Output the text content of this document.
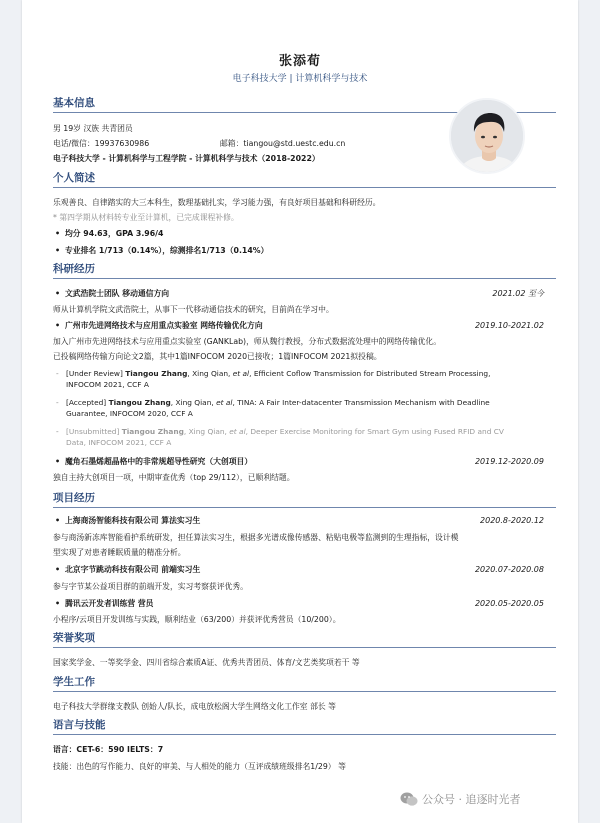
张添荀
电子科技大学 | 计算机科学与技术
基本信息
男 19岁 汉族 共青团员
电话/微信：19937630986	邮箱：tiangou@std.uestc.edu.cn
电子科技大学 - 计算机科学与工程学院 - 计算机科学与技术（2018-2022）
个人简述
乐观善良、自律踏实的大三本科生，数理基础扎实，学习能力强，有良好项目基础和科研经历。
* 第四学期从材料转专业至计算机，已完成课程补修。
• 均分 94.63，GPA 3.96/4
• 专业排名 1/713（0.14%），综测排名1/713（0.14%）
科研经历
• 文武浩院士团队 移动通信方向	2021.02 至今
师从计算机学院文武浩院士，从事下一代移动通信技术的研究，目前尚在学习中。
• 广州市先进网络技术与应用重点实验室 网络传输优化方向	2019.10-2021.02
加入广州市先进网络技术与应用重点实验室 (GANKLab)，师从魏行教授，分布式数据流处理中的网络传输优化。
已投稿网络传输方向论文2篇，其中1篇INFOCOM 2020已接收；1篇INFOCOM 2021拟投稿。
- [Under Review] Tiangou Zhang, Xing Qian, et al, Efficient Coflow Transmission for Distributed Stream Processing,
INFOCOM 2021, CCF A
- [Accepted] Tiangou Zhang, Xing Qian, et al, TINA: A Fair Inter-datacenter Transmission Mechanism with Deadline
Guarantee, INFOCOM 2020, CCF A
- [Unsubmitted] Tiangou Zhang, Xing Qian, et al, Deeper Exercise Monitoring for Smart Gym using Fused RFID and CV
Data, INFOCOM 2021, CCF A
• 魔角石墨烯超晶格中的非常规超导性研究（大创项目）	2019.12-2020.09
独自主持大创项目一项，中期审查优秀（top 29/112），已顺利结题。
项目经历
• 上海商汤智能科技有限公司 算法实习生	2020.8-2020.12
参与商汤新冻库智能看护系统研发，担任算法实习生，根据多光谱成像传感器、粘贴电极等监测到的生理指标，设计模
型实现了对患者睡眠质量的精准分析。
• 北京字节跳动科技有限公司 前端实习生	2020.07-2020.08
参与字节某公益项目群的前端开发，实习考察获评优秀。
• 腾讯云开发者训练营 营员	2020.05-2020.05
小程序/云项目开发训练与实践，顺利结业（63/200）并获评优秀营员（10/200）。
荣誉奖项
国家奖学金、一等奖学金、四川省综合素质A证、优秀共青团员、体育/文艺类奖项若干 等
学生工作
电子科技大学群缘支教队 创始人/队长，成电放松阁大学生网络文化工作室 部长 等
语言与技能
语言：CET-6：590 IELTS：7
技能：出色的写作能力、良好的审美、与人相处的能力（互评成绩班级排名1/29） 等
公众号 · 追逐时光者
